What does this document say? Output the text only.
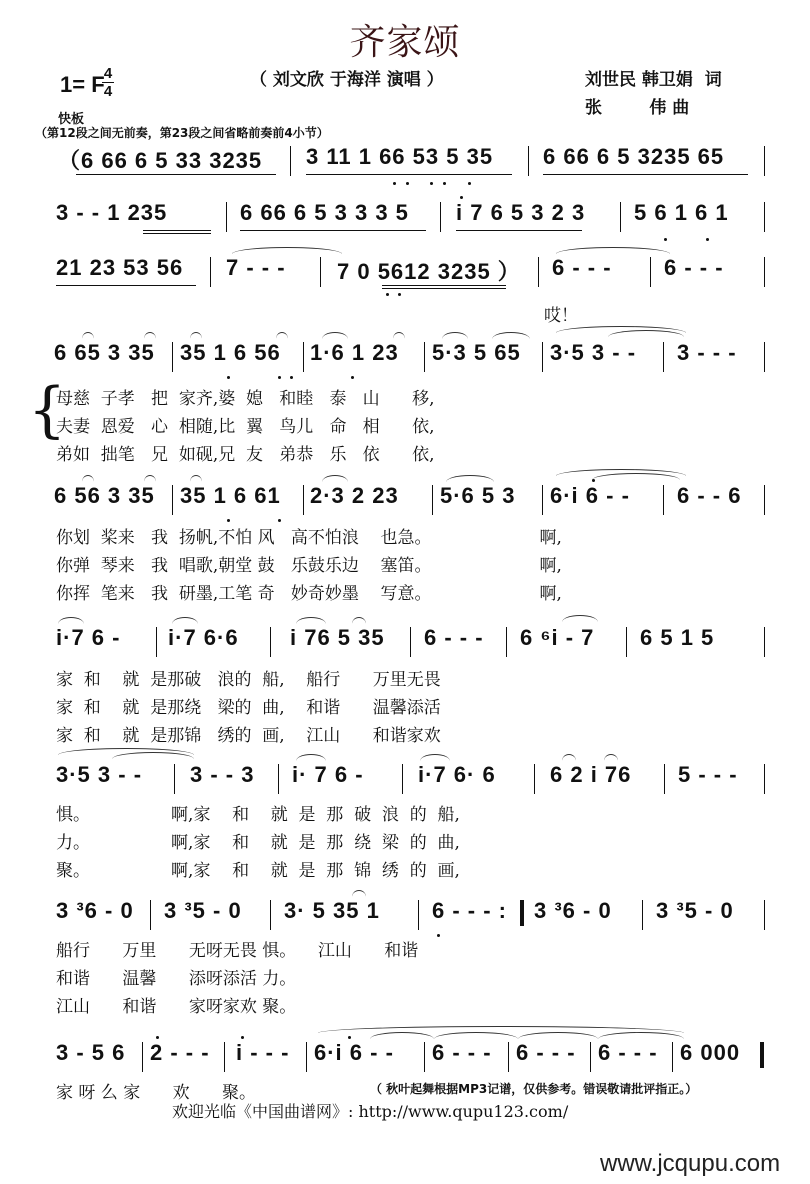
齐家颂
（ 刘文欣 于海洋 演唱 ）	刘世民 韩卫娟  词
张        伟 曲
1= F 4
4
快板
（第12段之间无前奏，第23段之间省略前奏前4小节）
（6 66 6 5 33 3235 3 11 1 66 53 5 35 6 66 6 5 3235 65
3 - - 1 235	6 66 6 5 3 3 3 5 i 7 6 5 3 2 3 5 6 1 6 1
21 23 53 56 7 - - - 7 0 5612 3235 ） 6 - - - 6 - - -
哎！
6 65 3 35 35 1 6 56 1·6 1 23 5·3 5 65 3·5 3 - - 3 - - -
{
母慈  子孝   把  家齐,婆  媳   和睦   泰   山      移,
夫妻  恩爱   心  相随,比  翼   鸟儿   命   相      依,
弟如  拙笔   兄  如砚,兄  友   弟恭   乐   依      依,
6 56 3 35 35 1 6 61 2·3 2 23 5·6 5 3 6·i 6 - - 6 - - 6
你划  桨来   我  扬帆,不怕 风   高不怕浪    也急。                    啊,
你弹  琴来   我  唱歌,朝堂 鼓   乐鼓乐边    塞笛。                    啊,
你挥  笔来   我  研墨,工笔 奇   妙奇妙墨    写意。                    啊,
i·7 6 - i·7 6·6 i 76 5 35 6 - - - 6 ⁶i - 7 6 5 1 5
家  和    就  是那破   浪的  船,    船行      万里无畏
家  和    就  是那绕   梁的  曲,    和谐      温馨添活
家  和    就  是那锦   绣的  画,    江山      和谐家欢
3·5 3 - - 3 - - 3 i· 7 6 - i·7 6· 6 6 2 i 76 5 - - -
惧。               啊,家    和    就  是  那  破  浪  的  船,
力。               啊,家    和    就  是  那  绕  梁  的  曲,
聚。               啊,家    和    就  是  那  锦  绣  的  画,
3 ³6 - 0 3 ³5 - 0 3· 5 35 1 6 - - - : 3 ³6 - 0 3 ³5 - 0
船行      万里      无呀无畏 惧。    江山      和谐
和谐      温馨      添呀添活 力。
江山      和谐      家呀家欢 聚。
3 - 5 6 2 - - - i - - - 6·i 6 - - 6 - - - 6 - - - 6 - - - 6 000
家 呀 么 家      欢      聚。	（ 秋叶起舞根据MP3记谱，仅供参考。错误敬请批评指正。）
欢迎光临《中国曲谱网》: http://www.qupu123.com/
www.jcqupu.com
